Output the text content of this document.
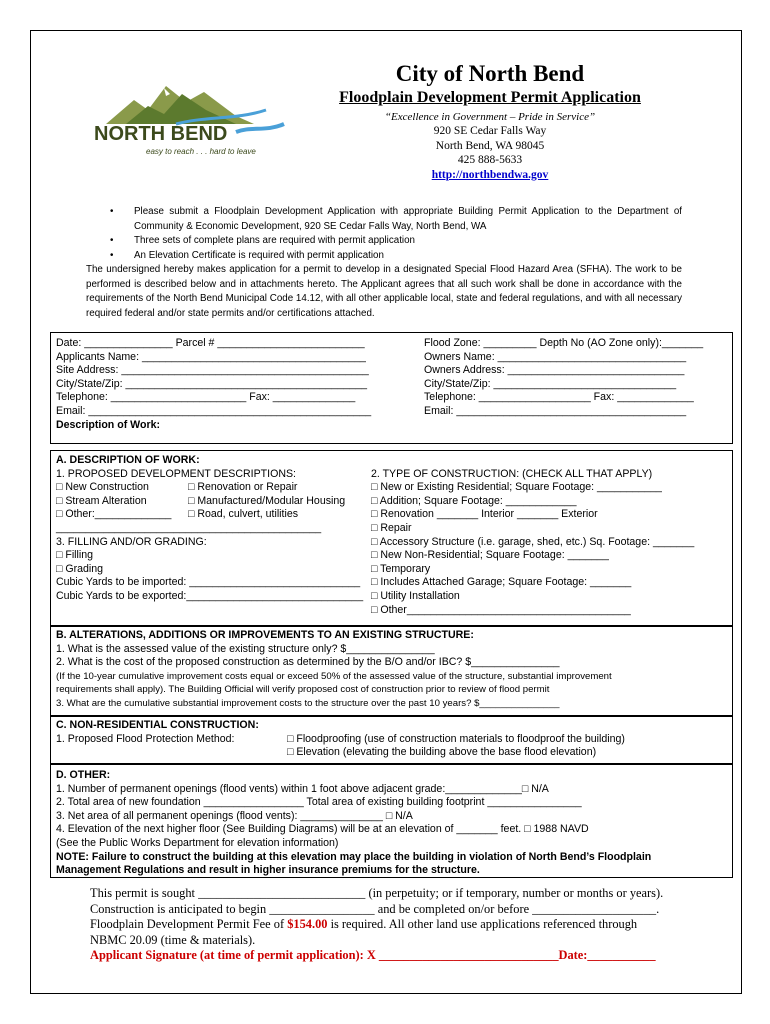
NORTH BEND
easy to reach . . . hard to leave
City of North Bend
Floodplain Development Permit Application
“Excellence in Government – Pride in Service”
920 SE Cedar Falls Way
North Bend, WA 98045
425 888-5633
http://northbendwa.gov
• Please submit a Floodplain Development Application with appropriate Building Permit Application to the Department of Community & Economic Development, 920 SE Cedar Falls Way, North Bend, WA
• Three sets of complete plans are required with permit application
• An Elevation Certificate is required with permit application

The undersigned hereby makes application for a permit to develop in a designated Special Flood Hazard Area (SFHA). The work to be performed is described below and in attachments hereto. The Applicant agrees that all such work shall be done in accordance with the requirements of the North Bend Municipal Code 14.12, with all other applicable local, state and federal regulations, and with all necessary required federal and/or state permits and/or certifications attached.

Date: _______________ Parcel # _________________________	Flood Zone: _________ Depth No (AO Zone only):_______
Applicants Name: ______________________________________	Owners Name: ________________________________
Site Address: __________________________________________	Owners Address: ______________________________
City/State/Zip: _________________________________________	City/State/Zip: _______________________________
Telephone: _______________________ Fax: ______________	Telephone: ___________________ Fax: _____________
Email: ________________________________________________	Email: _______________________________________
Description of Work:
A. DESCRIPTION OF WORK:
1. PROPOSED DEVELOPMENT DESCRIPTIONS:	2. TYPE OF CONSTRUCTION: (CHECK ALL THAT APPLY)
□ New Construction	□ Renovation or Repair	□ New or Existing Residential; Square Footage: ___________
□ Stream Alteration	□ Manufactured/Modular Housing □ Addition; Square Footage: ____________
□ Other:_____________ □ Road, culvert, utilities	□ Renovation _______ Interior _______ Exterior
_____________________________________________	□ Repair
3. FILLING AND/OR GRADING:	□ Accessory Structure (i.e. garage, shed, etc.) Sq. Footage: _______
□ Filling	□ New Non-Residential; Square Footage: _______
□ Grading	□ Temporary
Cubic Yards to be imported: _____________________________ □ Includes Attached Garage; Square Footage: _______
Cubic Yards to be exported:______________________________ □ Utility Installation
□ Other______________________________________
B. ALTERATIONS, ADDITIONS OR IMPROVEMENTS TO AN EXISTING STRUCTURE:
1. What is the assessed value of the existing structure only? $_______________
2. What is the cost of the proposed construction as determined by the B/O and/or IBC? $_______________
(If the 10-year cumulative improvement costs equal or exceed 50% of the assessed value of the structure, substantial improvement
requirements shall apply). The Building Official will verify proposed cost of construction prior to review of flood permit
3. What are the cumulative substantial improvement costs to the structure over the past 10 years? $_______________
C. NON-RESIDENTIAL CONSTRUCTION:
1. Proposed Flood Protection Method:	□ Floodproofing (use of construction materials to floodproof the building)
□ Elevation (elevating the building above the base flood elevation)
D. OTHER:
1. Number of permanent openings (flood vents) within 1 foot above adjacent grade:_____________□ N/A
2. Total area of new foundation _________________ Total area of existing building footprint ________________
3. Net area of all permanent openings (flood vents): ______________ □ N/A
4. Elevation of the next higher floor (See Building Diagrams) will be at an elevation of _______ feet. □ 1988 NAVD
(See the Public Works Department for elevation information)
NOTE: Failure to construct the building at this elevation may place the building in violation of North Bend’s Floodplain
Management Regulations and result in higher insurance premiums for the structure.
This permit is sought ___________________________ (in perpetuity; or if temporary, number or months or years).
Construction is anticipated to begin _________________ and be completed on/or before ____________________.
Floodplain Development Permit Fee of $154.00 is required. All other land use applications referenced through
NBMC 20.09 (time & materials).
Applicant Signature (at time of permit application): X _____________________________Date:___________
